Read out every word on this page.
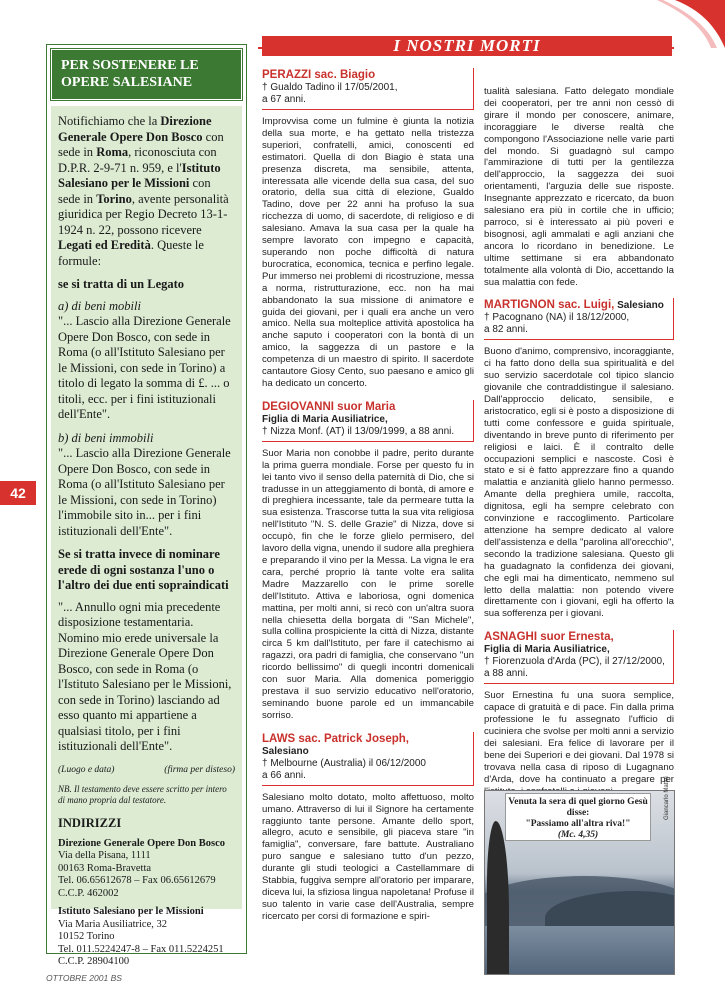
I NOSTRI MORTI
PER SOSTENERE LE OPERE SALESIANE

Notifichiamo che la Direzione Generale Opere Don Bosco con sede in Roma, riconosciuta con D.P.R. 2-9-71 n. 959, e l'Istituto Salesiano per le Missioni con sede in Torino, avente personalità giuridica per Regio Decreto 13-1-1924 n. 22, possono ricevere Legati ed Eredità. Queste le formule:

se si tratta di un Legato
a) di beni mobili

"... Lascio alla Direzione Generale Opere Don Bosco, con sede in Roma (o all'Istituto Salesiano per le Missioni, con sede in Torino) a titolo di legato la somma di £. ... o titoli, ecc. per i fini istituzionali dell'Ente".

b) di beni immobili

"... Lascio alla Direzione Generale Opere Don Bosco, con sede in Roma (o all'Istituto Salesiano per le Missioni, con sede in Torino) l'immobile sito in... per i fini istituzionali dell'Ente".

Se si tratta invece di nominare erede di ogni sostanza l'uno o l'altro dei due enti sopraindicati

"... Annullo ogni mia precedente disposizione testamentaria. Nomino mio erede universale la Direzione Generale Opere Don Bosco, con sede in Roma (o l'Istituto Salesiano per le Missioni, con sede in Torino) lasciando ad esso quanto mi appartiene a qualsiasi titolo, per i fini istituzionali dell'Ente".

(Luogo e data)	(firma per disteso)

NB. Il testamento deve essere scritto per intero di mano propria dal testatore.

INDIRIZZI
Direzione Generale Opere Don Bosco
Via della Pisana, 1111
00163 Roma-Bravetta
Tel. 06.65612678 – Fax 06.65612679
C.C.P. 462002
Istituto Salesiano per le Missioni
Via Maria Ausiliatrice, 32
10152 Torino
Tel. 011.5224247-8 – Fax 011.5224251
C.C.P. 28904100
42
OTTOBRE 2001 BS
PERAZZI sac. Biagio
† Gualdo Tadino il 17/05/2001,
a 67 anni.

Improvvisa come un fulmine è giunta la notizia della sua morte, e ha gettato nella tristezza superiori, confratelli, amici, conoscenti ed estimatori. Quella di don Biagio è stata una presenza discreta, ma sensibile, attenta, interessata alle vicende della sua casa, del suo oratorio, della sua città di elezione, Gualdo Tadino, dove per 22 anni ha profuso la sua ricchezza di uomo, di sacerdote, di religioso e di salesiano. Amava la sua casa per la quale ha sempre lavorato con impegno e capacità, superando non poche difficoltà di natura burocratica, economica, tecnica e perfino legale. Pur immerso nei problemi di ricostruzione, messa a norma, ristrutturazione, ecc. non ha mai abbandonato la sua missione di animatore e guida dei giovani, per i quali era anche un vero amico. Nella sua molteplice attività apostolica ha anche saputo i cooperatori con la bontà di un amico, la saggezza di un pastore e la competenza di un maestro di spirito. Il sacerdote cantautore Giosy Cento, suo paesano e amico gli ha dedicato un concerto.

DEGIOVANNI suor Maria
Figlia di Maria Ausiliatrice,
† Nizza Monf. (AT) il 13/09/1999, a 88 anni.

Suor Maria non conobbe il padre, perito durante la prima guerra mondiale. Forse per questo fu in lei tanto vivo il senso della paternità di Dio, che si tradusse in un atteggiamento di bontà, di amore e di preghiera incessante, tale da permeare tutta la sua esistenza. Trascorse tutta la sua vita religiosa nell'Istituto "N. S. delle Grazie" di Nizza, dove si occupò, fin che le forze glielo permisero, del lavoro della vigna, unendo il sudore alla preghiera e preparando il vino per la Messa. La vigna le era cara, perché proprio là tante volte era salita Madre Mazzarello con le prime sorelle dell'Istituto. Attiva e laboriosa, ogni domenica mattina, per molti anni, si recò con un'altra suora nella chiesetta della borgata di "San Michele", sulla collina prospiciente la città di Nizza, distante circa 5 km dall'Istituto, per fare il catechismo ai ragazzi, ora padri di famiglia, che conservano "un ricordo bellissimo" di quegli incontri domenicali con suor Maria. Alla domenica pomeriggio prestava il suo servizio educativo nell'oratorio, seminando buone parole ed un immancabile sorriso.

LAWS sac. Patrick Joseph,
Salesiano
† Melbourne (Australia) il 06/12/2000
a 66 anni.

Salesiano molto dotato, molto affettuoso, molto umano. Attraverso di lui il Signore ha certamente raggiunto tante persone. Amante dello sport, allegro, acuto e sensibile, gli piaceva stare "in famiglia", conversare, fare battute. Australiano puro sangue e salesiano tutto d'un pezzo, durante gli studi teologici a Castellammare di Stabbia, fuggiva sempre all'oratorio per imparare, diceva lui, la sfiziosa lingua napoletana! Profuse il suo talento in varie case dell'Australia, sempre ricercato per corsi di formazione e spiri-

tualità salesiana. Fatto delegato mondiale dei cooperatori, per tre anni non cessò di girare il mondo per conoscere, animare, incoraggiare le diverse realtà che compongono l'Associazione nelle varie parti del mondo. Si guadagnò sul campo l'ammirazione di tutti per la gentilezza dell'approccio, la saggezza dei suoi orientamenti, l'arguzia delle sue risposte. Insegnante apprezzato e ricercato, da buon salesiano era più in cortile che in ufficio; parroco, si è interessato ai più poveri e bisognosi, agli ammalati e agli anziani che ancora lo ricordano in benedizione. Le ultime settimane si era abbandonato totalmente alla volontà di Dio, accettando la sua malattia con fede.

MARTIGNON sac. Luigi, Salesiano
† Pacognano (NA) il 18/12/2000,
a 82 anni.

Buono d'animo, comprensivo, incoraggiante, ci ha fatto dono della sua spiritualità e del suo servizio sacerdotale col tipico slancio giovanile che contraddistingue il salesiano. Dall'approccio delicato, sensibile, e aristocratico, egli si è posto a disposizione di tutti come confessore e guida spirituale, diventando in breve punto di riferimento per religiosi e laici. È il contralto delle occupazioni semplici e nascoste. Così è stato e si è fatto apprezzare fino a quando malattia e anzianità glielo hanno permesso. Amante della preghiera umile, raccolta, dignitosa, egli ha sempre celebrato con convinzione e raccoglimento. Particolare attenzione ha sempre dedicato al valore dell'assistenza e della "parolina all'orecchio", secondo la tradizione salesiana. Questo gli ha guadagnato la confidenza dei giovani, che egli mai ha dimenticato, nemmeno sul letto della malattia: non potendo vivere direttamente con i giovani, egli ha offerto la sua sofferenza per i giovani.

ASNAGHI suor Ernesta,
Figlia di Maria Ausiliatrice,
† Fiorenzuola d'Arda (PC), il 27/12/2000,
a 88 anni.

Suor Ernestina fu una suora semplice, capace di gratuità e di pace. Fin dalla prima professione le fu assegnato l'ufficio di cuciniera che svolse per molti anni a servizio dei salesiani. Era felice di lavorare per il bene dei Superiori e dei giovani. Dal 1978 si trovava nella casa di riposo di Lugagnano d'Arda, dove ha continuato a pregare per

Venuta la sera di quel giorno Gesù disse:
"Passiamo all'altra riva!"
(Mc. 4,35)
Giancarlo Mattei
